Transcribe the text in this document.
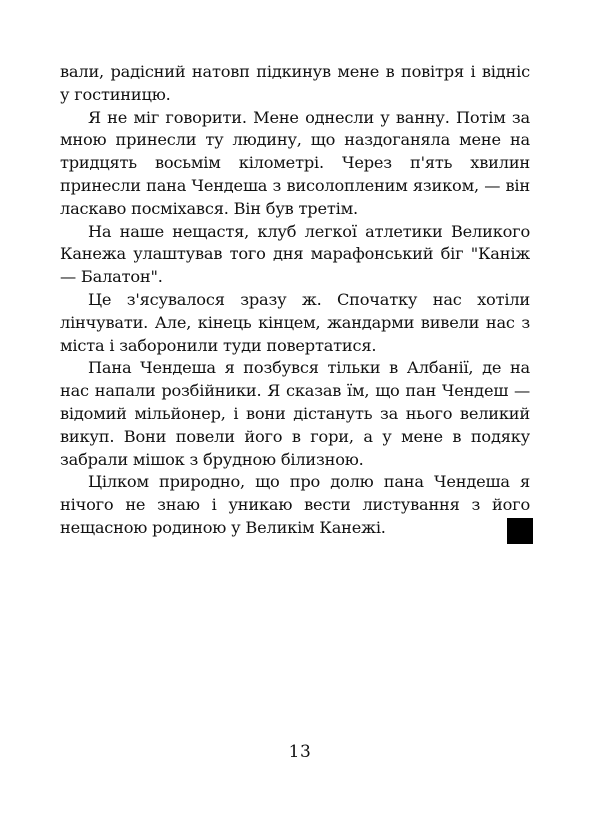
вали, радісний натовп підкинув мене в повітря і відніс у гостиницю.

Я не міг говорити. Мене однесли у ванну. Потім за мною принесли ту людину, що наздоганяла мене на тридцять восьмім кілометрі. Через п'ять хвилин принесли пана Чендеша з висолопленим язиком, — він ласкаво посміхався. Він був третім.

На наше нещастя, клуб легкої атлетики Великого Канежа улаштував того дня марафонський біг "Каніж — Балатон".

Це з'ясувалося зразу ж. Спочатку нас хотіли лінчувати. Але, кінець кінцем, жандарми вивели нас з міста і заборонили туди повертатися.

Пана Чендеша я позбувся тільки в Албанії, де на нас напали розбійники. Я сказав їм, що пан Чендеш — відомий мільйонер, і вони дістануть за нього великий викуп. Вони повели його в гори, а у мене в подяку забрали мішок з брудною білизною.

Цілком природно, що про долю пана Чендеша я нічого не знаю і уникаю вести листування з його нещасною родиною у Великім Канежі.

13
